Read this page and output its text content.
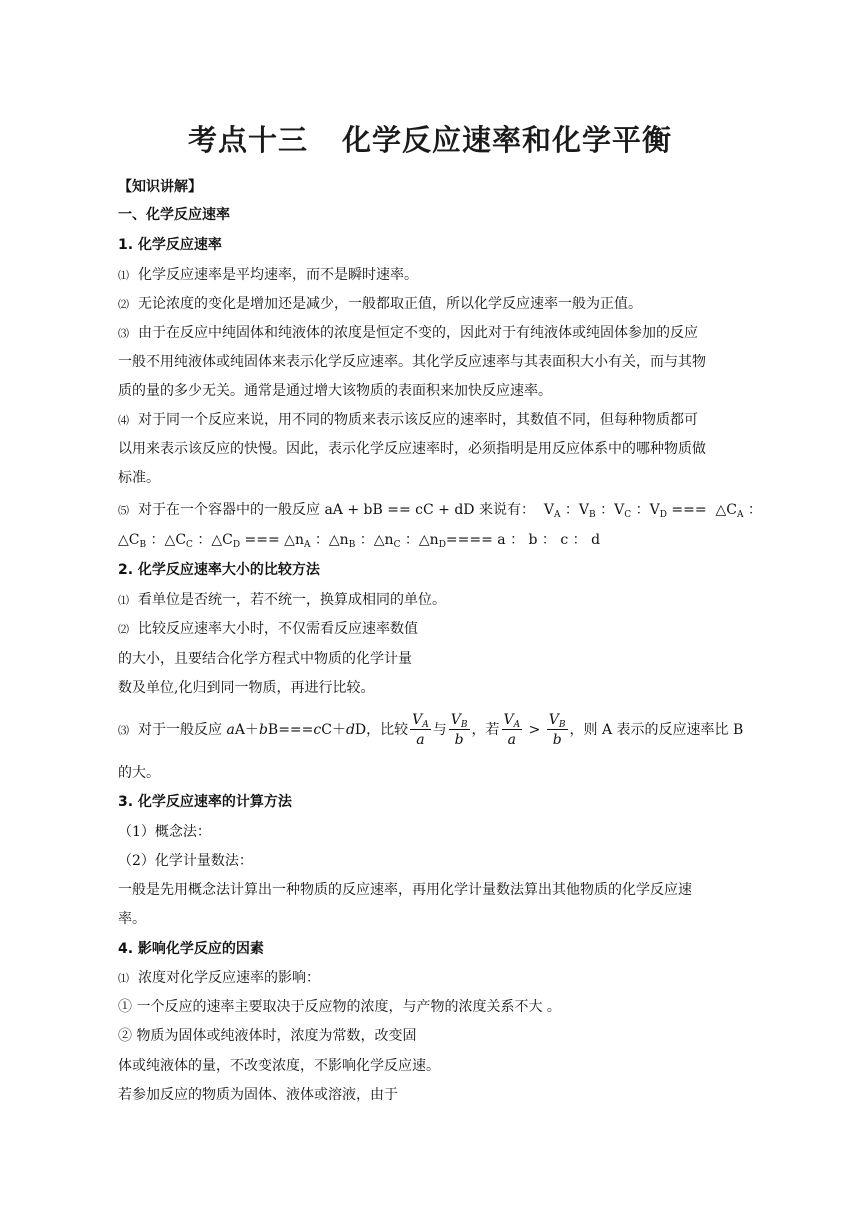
考点十三 化学反应速率和化学平衡
【知识讲解】
一、化学反应速率
1. 化学反应速率
⑴ 化学反应速率是平均速率，而不是瞬时速率。
⑵ 无论浓度的变化是增加还是减少，一般都取正值，所以化学反应速率一般为正值。
⑶ 由于在反应中纯固体和纯液体的浓度是恒定不变的，因此对于有纯液体或纯固体参加的反应
一般不用纯液体或纯固体来表示化学反应速率。其化学反应速率与其表面积大小有关，而与其物
质的量的多少无关。通常是通过增大该物质的表面积来加快反应速率。
⑷ 对于同一个反应来说，用不同的物质来表示该反应的速率时，其数值不同，但每种物质都可
以用来表示该反应的快慢。因此，表示化学反应速率时，必须指明是用反应体系中的哪种物质做
标准。
⑸ 对于在一个容器中的一般反应 aA + bB == cC + dD 来说有：  $V_A$ ：$V_B$ ：$V_C$ ：$V_D$ ===  $\triangle C_A$ ：
$\triangle C_B$ ：$\triangle C_C$ ：$\triangle C_D$ === $\triangle n_A$ ：$\triangle n_B$ ：$\triangle n_C$ ：$\triangle n_D==== a$ ： b ： c ： d
2. 化学反应速率大小的比较方法
⑴ 看单位是否统一，若不统一，换算成相同的单位。
⑵ 比较反应速率大小时，不仅需看反应速率数值
的大小，且要结合化学方程式中物质的化学计量
数及单位,化归到同一物质，再进行比较。
⑶ 对于一般反应 aA＋bB===cC＋dD，比较 $\frac{V_A}{a}$ 与 $\frac{V_B}{b}$ ，若 $\frac{V_A}{a} > \frac{V_B}{b}$ ，则 A 表示的反应速率比 B
的大。
3. 化学反应速率的计算方法
（1）概念法：
（2）化学计量数法：
一般是先用概念法计算出一种物质的反应速率，再用化学计量数法算出其他物质的化学反应速
率。
4. 影响化学反应的因素
⑴ 浓度对化学反应速率的影响：
① 一个反应的速率主要取决于反应物的浓度，与产物的浓度关系不大 。
② 物质为固体或纯液体时，浓度为常数，改变固
体或纯液体的量，不改变浓度，不影响化学反应速。
若参加反应的物质为固体、液体或溶液，由于
